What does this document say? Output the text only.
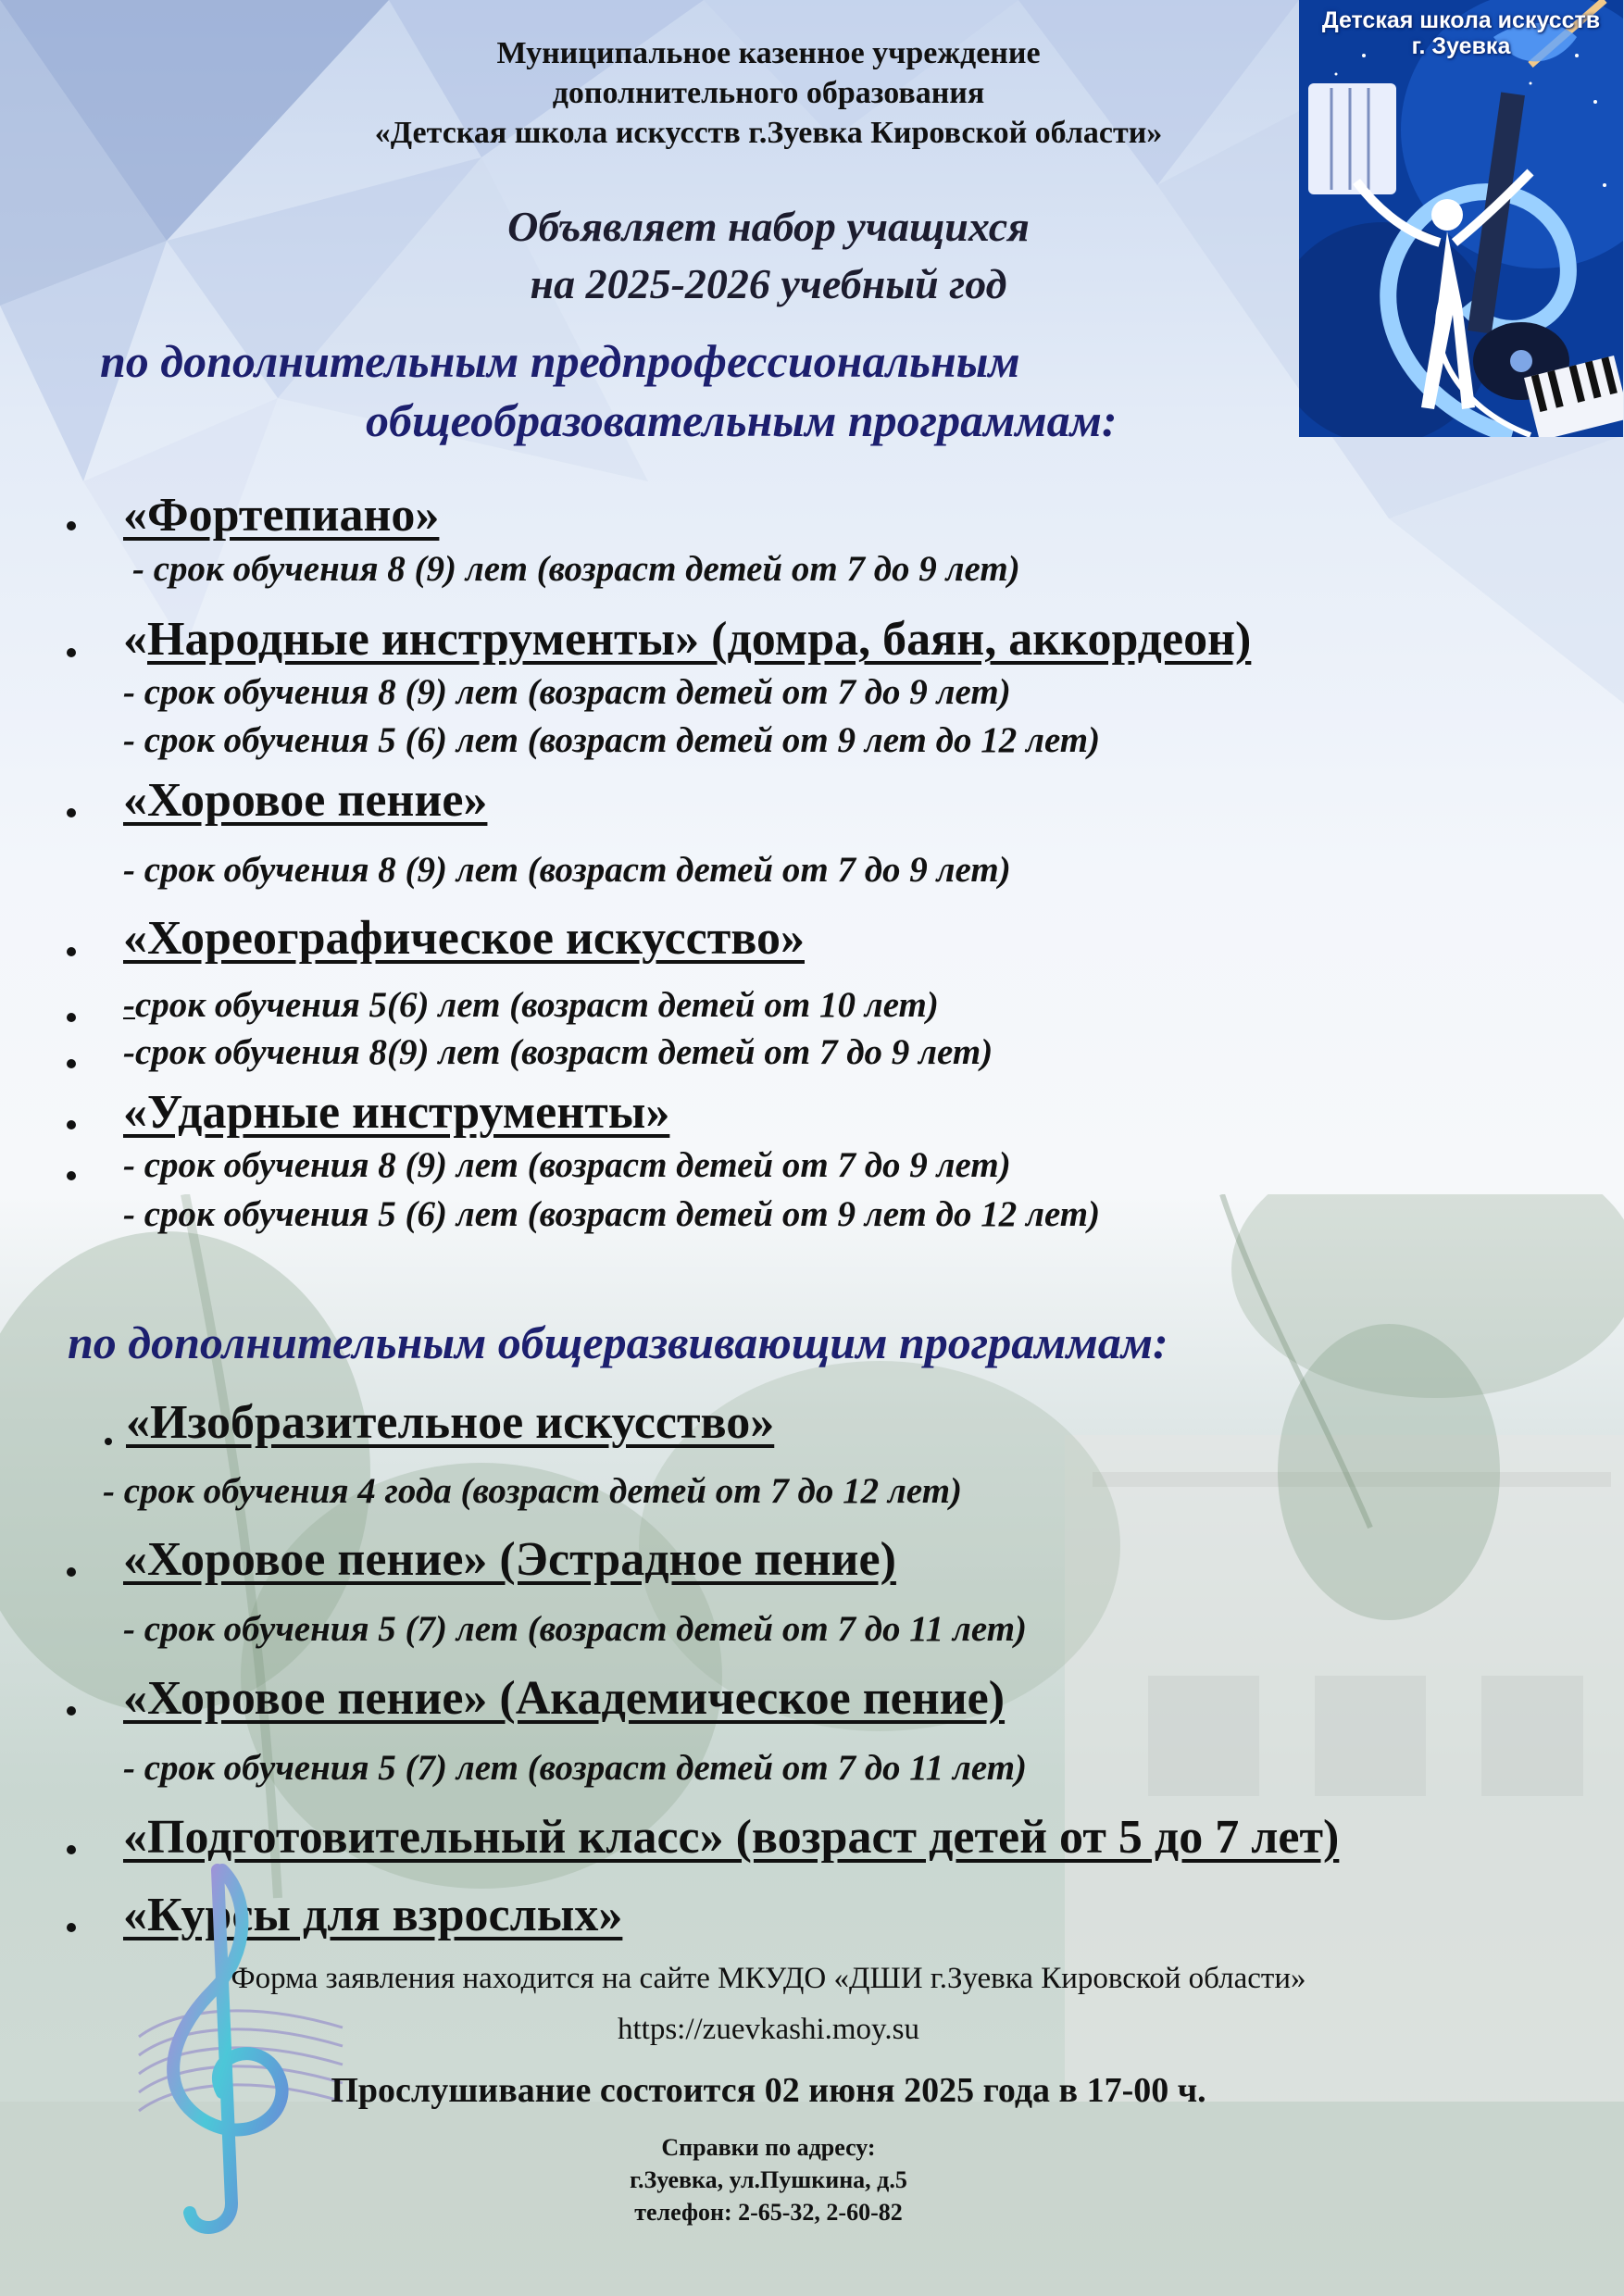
Детская школа искусств
г. Зуевка
Муниципальное казенное учреждение
дополнительного образования
«Детская школа искусств г.Зуевка Кировской области»
Объявляет набор учащихся
на 2025-2026 учебный год
по дополнительным предпрофессиональным
общеобразовательным программам:
«Фортепиано»
- срок обучения 8 (9) лет (возраст детей от 7 до 9 лет)
«Народные инструменты» (домра, баян, аккордеон)
- срок обучения 8 (9) лет (возраст детей от 7 до 9 лет)
- срок обучения 5 (6) лет (возраст детей от 9 лет до 12 лет)
«Хоровое пение»
- срок обучения 8 (9) лет (возраст детей от 7 до 9 лет)
«Хореографическое искусство»
-срок обучения 5(6) лет (возраст детей от 10 лет)
-срок обучения 8(9) лет (возраст детей от 7 до 9 лет)
«Ударные инструменты»
- срок обучения 8 (9) лет (возраст детей от 7 до 9 лет)
- срок обучения 5 (6) лет (возраст детей от 9 лет до 12 лет)
по дополнительным общеразвивающим программам:
«Изобразительное искусство»
- срок обучения 4 года (возраст детей от 7 до 12 лет)
«Хоровое пение» (Эстрадное пение)
- срок обучения 5 (7) лет (возраст детей от 7 до 11 лет)
«Хоровое пение» (Академическое пение)
- срок обучения 5 (7) лет (возраст детей от 7 до 11 лет)
«Подготовительный класс» (возраст детей от 5 до 7 лет)
«Курсы для взрослых»
Форма заявления находится на сайте МКУДО «ДШИ г.Зуевка Кировской области»
https://zuevkashi.moy.su
Прослушивание состоится 02 июня 2025 года в 17-00 ч.
Справки по адресу:
г.Зуевка, ул.Пушкина, д.5
телефон: 2-65-32, 2-60-82
